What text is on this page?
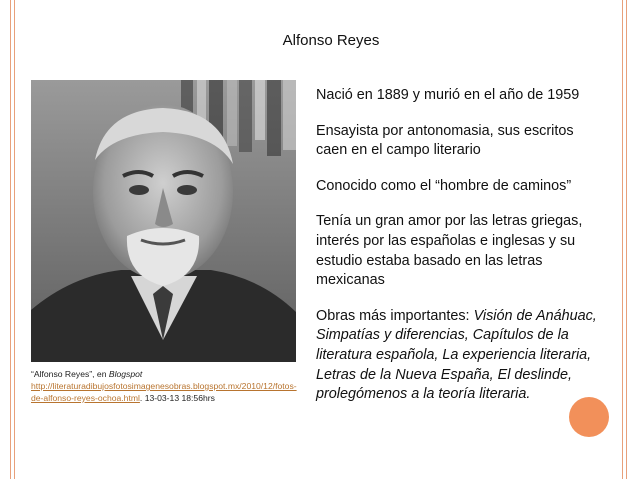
Alfonso Reyes
“Alfonso Reyes”, en Blogspot
http://literaturadibujosfotosimagenesobras.blogspot.mx/2010/12/fotos-de-alfonso-reyes-ochoa.html. 13-03-13 18:56hrs

Nació en 1889 y murió en el año de 1959

Ensayista por antonomasia, sus escritos caen en el campo literario

Conocido como el “hombre de caminos”

Tenía un gran amor por las letras griegas, interés por las españolas e inglesas y su estudio estaba basado en las letras mexicanas

Obras más importantes: Visión de Anáhuac, Simpatías y diferencias, Capítulos de la literatura española, La experiencia literaria, Letras de la Nueva España, El deslinde, prolegómenos a la teoría literaria.
